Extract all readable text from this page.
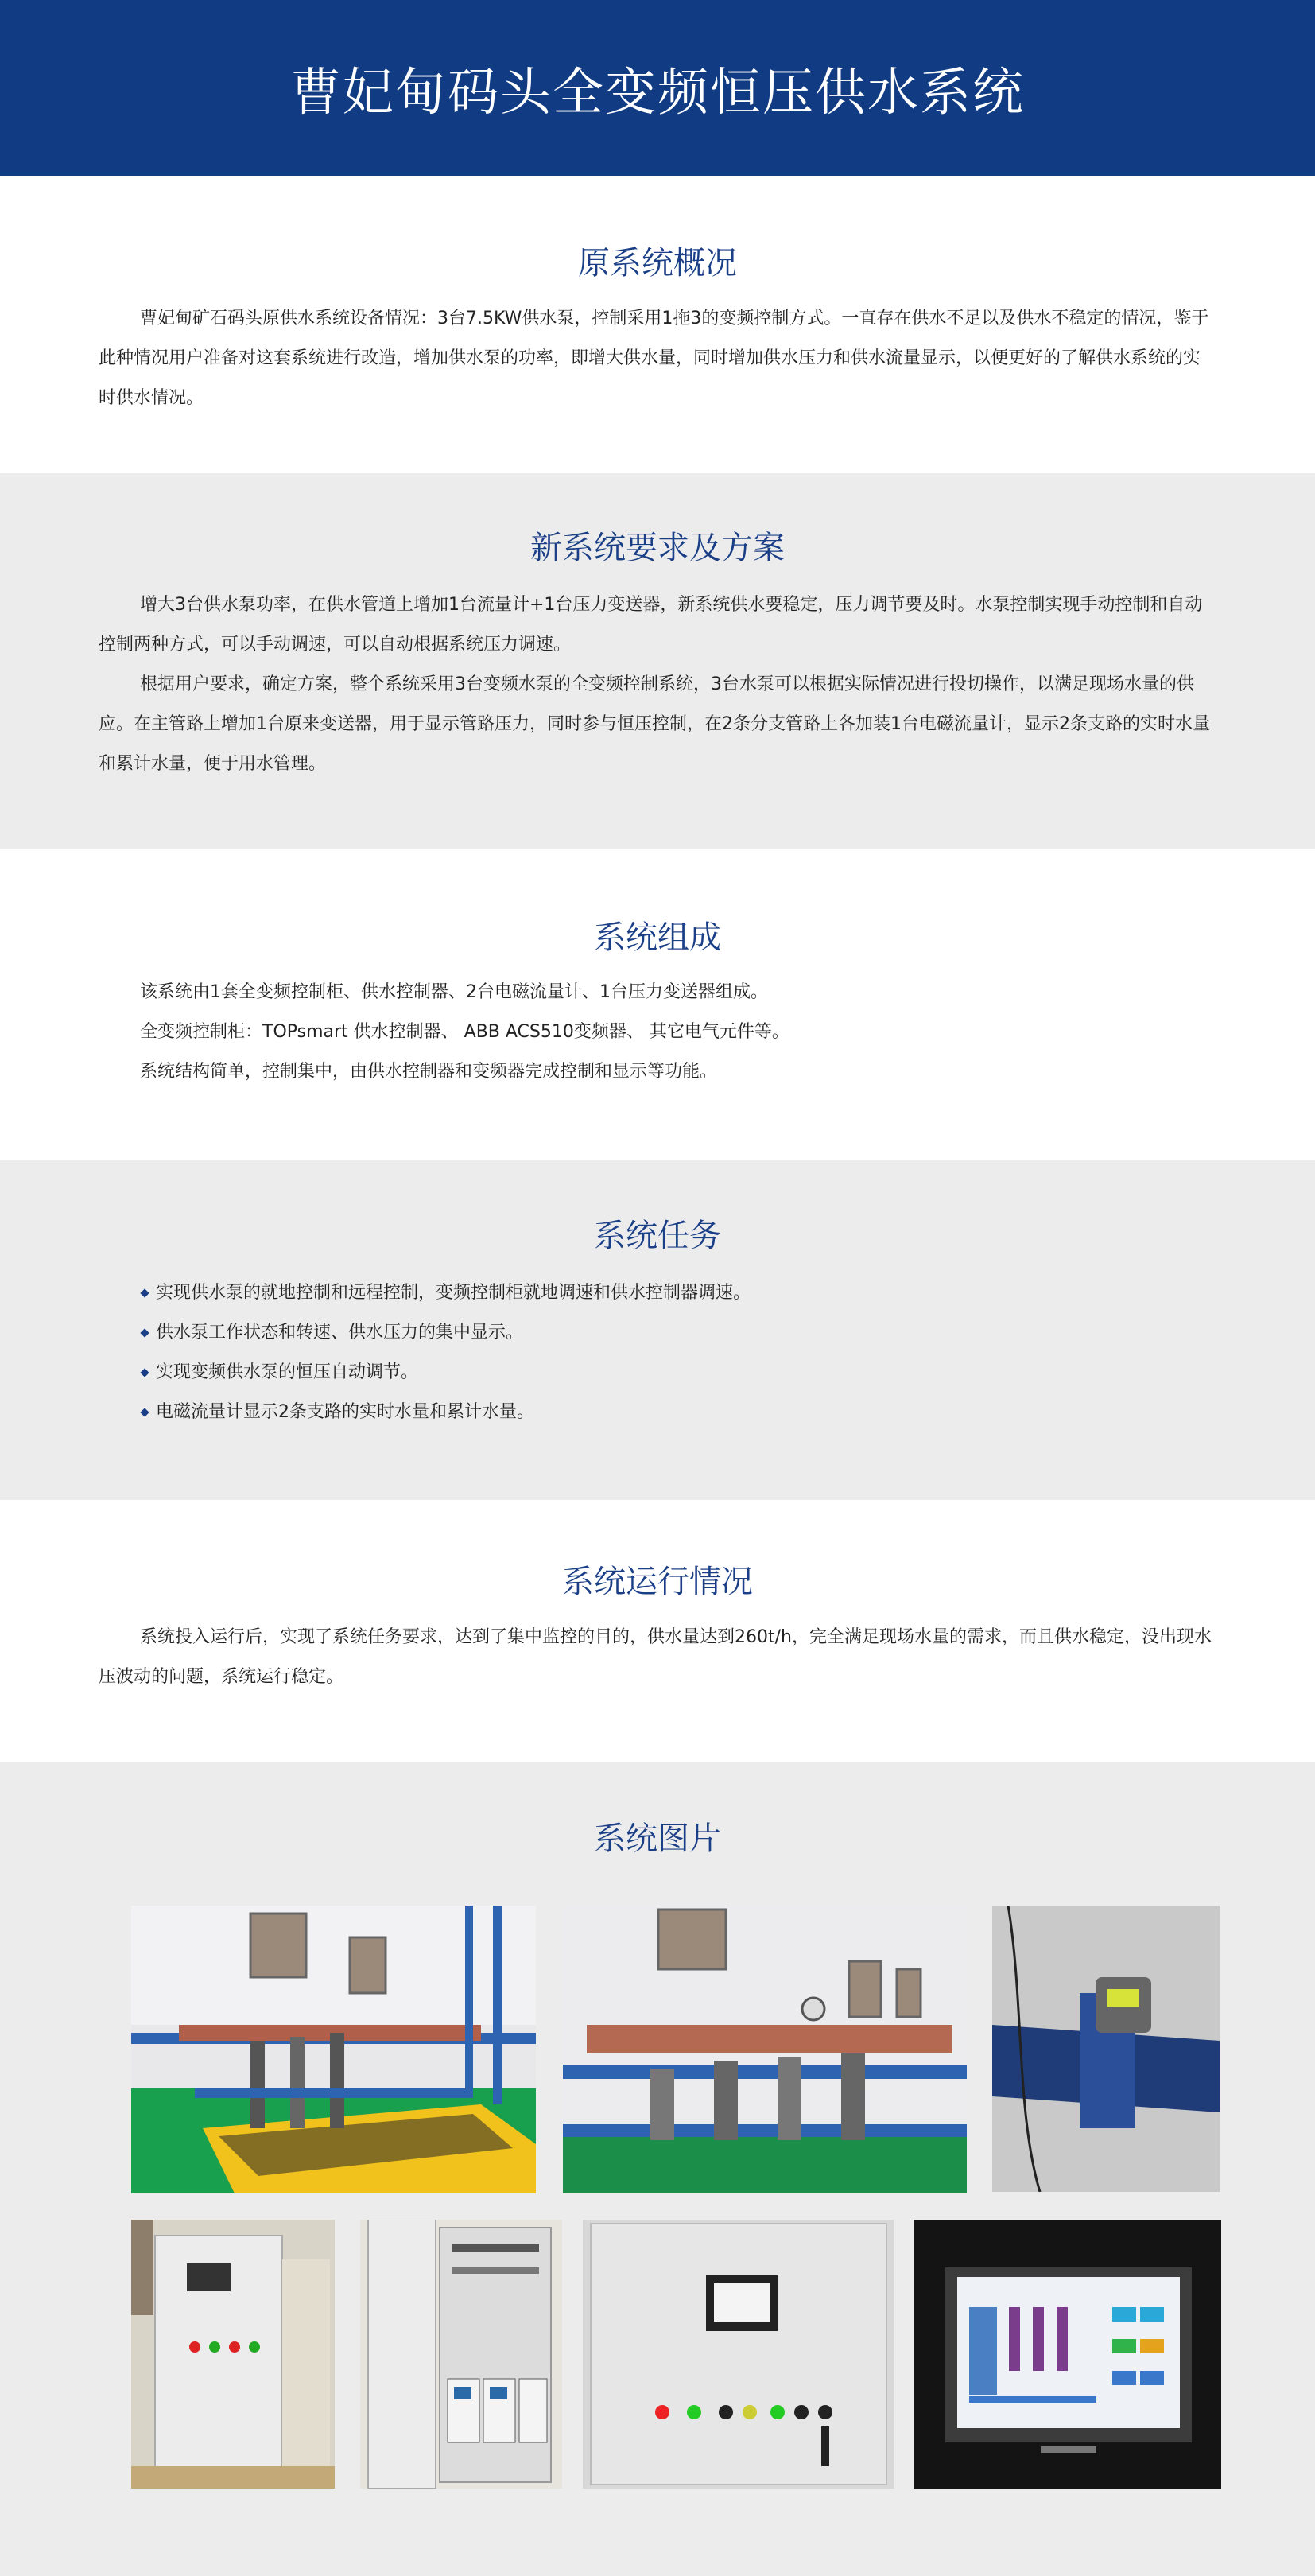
曹妃甸码头全变频恒压供水系统
原系统概况

曹妃甸矿石码头原供水系统设备情况：3台7.5KW供水泵，控制采用1拖3的变频控制方式。一直存在供水不足以及供水不稳定的情况，鉴于此种情况用户准备对这套系统进行改造，增加供水泵的功率，即增大供水量，同时增加供水压力和供水流量显示，以便更好的了解供水系统的实时供水情况。

新系统要求及方案

增大3台供水泵功率，在供水管道上增加1台流量计+1台压力变送器，新系统供水要稳定，压力调节要及时。水泵控制实现手动控制和自动控制两种方式，可以手动调速，可以自动根据系统压力调速。

根据用户要求，确定方案，整个系统采用3台变频水泵的全变频控制系统，3台水泵可以根据实际情况进行投切操作，以满足现场水量的供应。在主管路上增加1台原来变送器，用于显示管路压力，同时参与恒压控制，在2条分支管路上各加装1台电磁流量计，显示2条支路的实时水量和累计水量，便于用水管理。

系统组成

该系统由1套全变频控制柜、供水控制器、2台电磁流量计、1台压力变送器组成。

全变频控制柜：TOPsmart 供水控制器、 ABB ACS510变频器、 其它电气元件等。

系统结构简单，控制集中，由供水控制器和变频器完成控制和显示等功能。

系统任务
实现供水泵的就地控制和远程控制，变频控制柜就地调速和供水控制器调速。
供水泵工作状态和转速、供水压力的集中显示。
实现变频供水泵的恒压自动调节。
电磁流量计显示2条支路的实时水量和累计水量。
系统运行情况

系统投入运行后，实现了系统任务要求，达到了集中监控的目的，供水量达到260t/h，完全满足现场水量的需求，而且供水稳定，没出现水压波动的问题，系统运行稳定。

系统图片
